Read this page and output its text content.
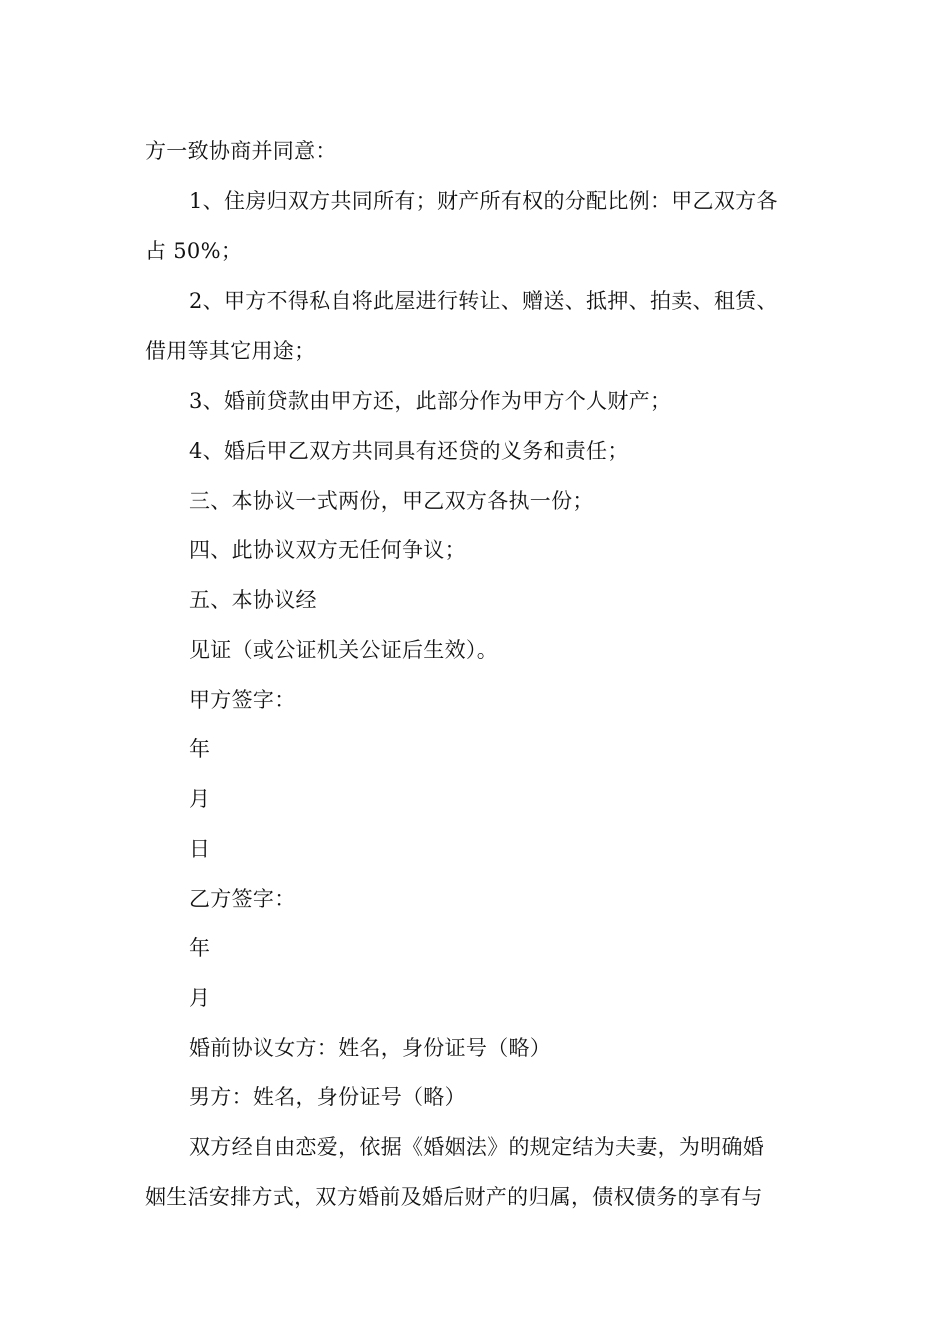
方一致协商并同意：
1、住房归双方共同所有；财产所有权的分配比例：甲乙双方各
占 50%；
2、甲方不得私自将此屋进行转让、赠送、抵押、拍卖、租赁、
借用等其它用途；
3、婚前贷款由甲方还，此部分作为甲方个人财产；
4、婚后甲乙双方共同具有还贷的义务和责任；
三、本协议一式两份，甲乙双方各执一份；
四、此协议双方无任何争议；
五、本协议经
见证（或公证机关公证后生效）。
甲方签字：
年
月
日
乙方签字：
年
月
婚前协议女方：姓名，身份证号（略）
男方：姓名，身份证号（略）
双方经自由恋爱，依据《婚姻法》的规定结为夫妻，为明确婚
姻生活安排方式，双方婚前及婚后财产的归属，债权债务的享有与
